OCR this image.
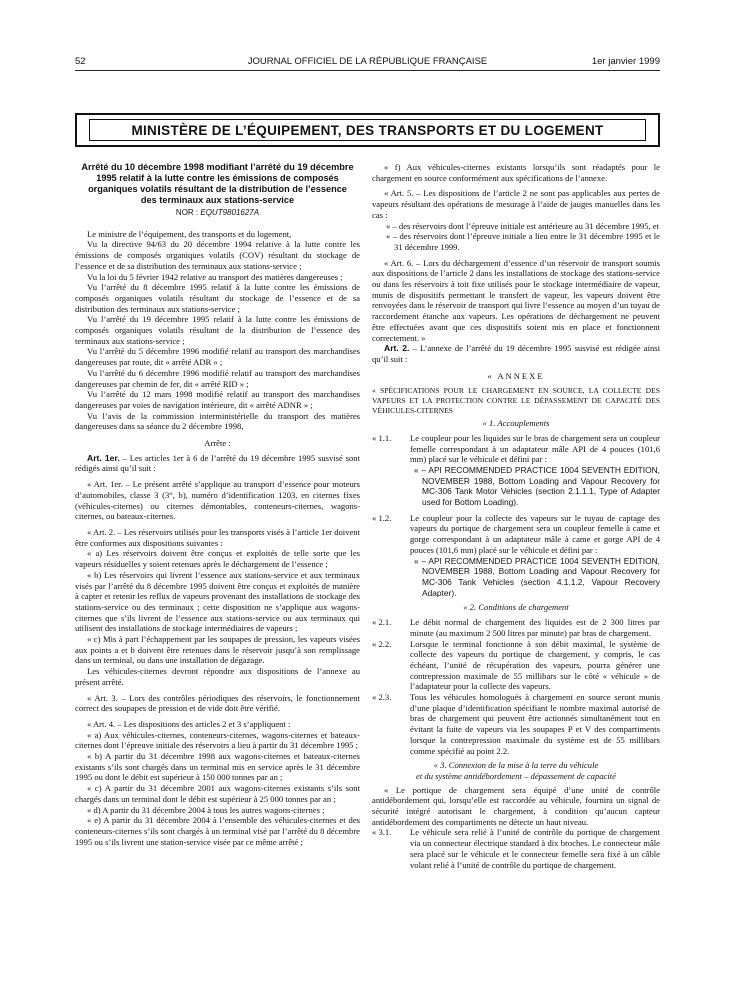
52	JOURNAL OFFICIEL DE LA RÉPUBLIQUE FRANÇAISE	1er janvier 1999
MINISTÈRE DE L’ÉQUIPEMENT, DES TRANSPORTS ET DU LOGEMENT
Arrêté du 10 décembre 1998 modifiant l’arrêté du 19 décembre 1995 relatif à la lutte contre les émissions de composés organiques volatils résultant de la distribution de l’essence des terminaux aux stations-service
NOR : EQUT9801627A

Le ministre de l’équipement, des transports et du logement,

Vu la directive 94/63 du 20 décembre 1994 relative à la lutte contre les émissions de composés organiques volatils (COV) résultant du stockage de l’essence et de sa distribution des terminaux aux stations-service ;

Vu la loi du 5 février 1942 relative au transport des matières dangereuses ;

Vu l’arrêté du 8 décembre 1995 relatif à la lutte contre les émissions de composés organiques volatils résultant du stockage de l’essence et de sa distribution des terminaux aux stations-service ;

Vu l’arrêté du 19 décembre 1995 relatif à la lutte contre les émissions de composés organiques volatils résultant de la distribution de l’essence des terminaux aux stations-service ;

Vu l’arrêté du 5 décembre 1996 modifié relatif au transport des marchandises dangereuses par route, dit « arrêté ADR » ;

Vu l’arrêté du 6 décembre 1996 modifié relatif au transport des marchandises dangereuses par chemin de fer, dit « arrêté RID » ;

Vu l’arrêté du 12 mars 1998 modifié relatif au transport des marchandises dangereuses par voies de navigation intérieure, dit « arrêté ADNR » ;

Vu l’avis de la commission interministérielle du transport des matières dangereuses dans sa séance du 2 décembre 1998,

Arrête :

Art. 1er. – Les articles 1er à 6 de l’arrêté du 19 décembre 1995 susvisé sont rédigés ainsi qu’il suit :

« Art. 1er. – Le présent arrêté s’applique au transport d’essence pour moteurs d’automobiles, classe 3 (3°, b), numéro d’identification 1203, en citernes fixes (véhicules-citernes) ou citernes démontables, conteneurs-citernes, wagons-citernes, ou bateaux-citernes.

« Art. 2. – Les réservoirs utilisés pour les transports visés à l’article 1er doivent être conformes aux dispositions suivantes :

« a) Les réservoirs doivent être conçus et exploités de telle sorte que les vapeurs résiduelles y soient retenues après le déchargement de l’essence ;

« b) Les réservoirs qui livrent l’essence aux stations-service et aux terminaux visés par l’arrêté du 8 décembre 1995 doivent être conçus et exploités de manière à capter et retenir les reflux de vapeurs provenant des installations de stockage des stations-service ou des terminaux ; cette disposition ne s’applique aux wagons-citernes que s’ils livrent de l’essence aux stations-service ou aux terminaux qui utilisent des installations de stockage intermédiaires de vapeurs ;

« c) Mis à part l’échappement par les soupapes de pression, les vapeurs visées aux points a et b doivent être retenues dans le réservoir jusqu’à son remplissage dans un terminal, ou dans une installation de dégazage.

Les véhicules-citernes devront répondre aux dispositions de l’annexe au présent arrêté.

« Art. 3. – Lors des contrôles périodiques des réservoirs, le fonctionnement correct des soupapes de pression et de vide doit être vérifié.

« Art. 4. – Les dispositions des articles 2 et 3 s’appliquent :

« a) Aux véhicules-citernes, conteneurs-citernes, wagons-citernes et bateaux-citernes dont l’épreuve initiale des réservoirs a lieu à partir du 31 décembre 1995 ;

« b) A partir du 31 décembre 1998 aux wagons-citernes et bateaux-citernes existants s’ils sont chargés dans un terminal mis en service après le 31 décembre 1995 ou dont le débit est supérieur à 150 000 tonnes par an ;

« c) A partir du 31 décembre 2001 aux wagons-citernes existants s’ils sont chargés dans un terminal dont le débit est supérieur à 25 000 tonnes par an ;

« d) A partir du 31 décembre 2004 à tous les autres wagons-citernes ;

« e) A partir du 31 décembre 2004 à l’ensemble des véhicules-citernes et des conteneurs-citernes s’ils sont chargés à un terminal visé par l’arrêté du 8 décembre 1995 ou s’ils livrent une station-service visée par ce même arrêté ;

« f) Aux véhicules-citernes existants lorsqu’ils sont réadaptés pour le chargement en source conformément aux spécifications de l’annexe.

« Art. 5. – Les dispositions de l’article 2 ne sont pas applicables aux pertes de vapeurs résultant des opérations de mesurage à l’aide de jauges manuelles dans les cas :

« – des réservoirs dont l’épreuve initiale est antérieure au 31 décembre 1995, et

« – des réservoirs dont l’épreuve initiale a lieu entre le 31 décembre 1995 et le 31 décembre 1999.

« Art. 6. – Lors du déchargement d’essence d’un réservoir de transport soumis aux dispositions de l’article 2 dans les installations de stockage des stations-service ou dans les réservoirs à toit fixe utilisés pour le stockage intermédiaire de vapeur, munis de dispositifs permettant le transfert de vapeur, les vapeurs doivent être renvoyées dans le réservoir de transport qui livre l’essence au moyen d’un tuyau de raccordement étanche aux vapeurs. Les opérations de déchargement ne peuvent être effectuées avant que ces dispositifs soient mis en place et fonctionnent correctement. »

Art. 2. – L’annexe de l’arrêté du 19 décembre 1995 susvisé est rédigée ainsi qu’il suit :

« ANNEXE

« SPÉCIFICATIONS POUR LE CHARGEMENT EN SOURCE, LA COLLECTE DES VAPEURS ET LA PROTECTION CONTRE LE DÉPASSEMENT DE CAPACITÉ DES VÉHICULES-CITERNES

« 1. Accouplements

« 1.1. Le coupleur pour les liquides sur le bras de chargement sera un coupleur femelle correspondant à un adaptateur mâle API de 4 pouces (101,6 mm) placé sur le véhicule et défini par :

« – API RECOMMENDED PRACTICE 1004 SEVENTH EDITION, NOVEMBER 1988, Bottom Loading and Vapour Recovery for MC-306 Tank Motor Vehicles (section 2.1.1.1, Type of Adapter used for Bottom Loading).

« 1.2. Le coupleur pour la collecte des vapeurs sur le tuyau de captage des vapeurs du portique de chargement sera un coupleur femelle à came et gorge correspondant à un adaptateur mâle à came et gorge API de 4 pouces (101,6 mm) placé sur le véhicule et défini par :

« – API RECOMMENDED PRACTICE 1004 SEVENTH EDITION, NOVEMBER 1988, Bottom Loading and Vapour Recovery for MC-306 Tank Vehicles (section 4.1.1.2, Vapour Recovery Adapter).

« 2. Conditions de chargement

« 2.1. Le débit normal de chargement des liquides est de 2 300 litres par minute (au maximum 2 500 litres par minute) par bras de chargement.

« 2.2. Lorsque le terminal fonctionne à son débit maximal, le système de collecte des vapeurs du portique de chargement, y compris, le cas échéant, l’unité de récupération des vapeurs, pourra générer une contrepression maximale de 55 millibars sur le côté « véhicule » de l’adaptateur pour la collecte des vapeurs.

« 2.3. Tous les véhicules homologués à chargement en source seront munis d’une plaque d’identification spécifiant le nombre maximal autorisé de bras de chargement qui peuvent être actionnés simultanément tout en évitant la fuite de vapeurs via les soupapes P et V des compartiments lorsque la contrepression maximale du système est de 55 millibars comme spécifié au point 2.2.

« 3. Connexion de la mise à la terre du véhicule

et du système antidébordement – dépassement de capacité

« Le portique de chargement sera équipé d’une unité de contrôle antidébordement qui, lorsqu’elle est raccordée au véhicule, fournira un signal de sécurité intégré autorisant le chargement, à condition qu’aucun capteur antidébordement des compartiments ne détecte un haut niveau.

« 3.1. Le véhicule sera relié à l’unité de contrôle du portique de chargement via un connecteur électrique standard à dix broches. Le connecteur mâle sera placé sur le véhicule et le connecteur femelle sera fixé à un câble volant relié à l’unité de contrôle du portique de chargement.
